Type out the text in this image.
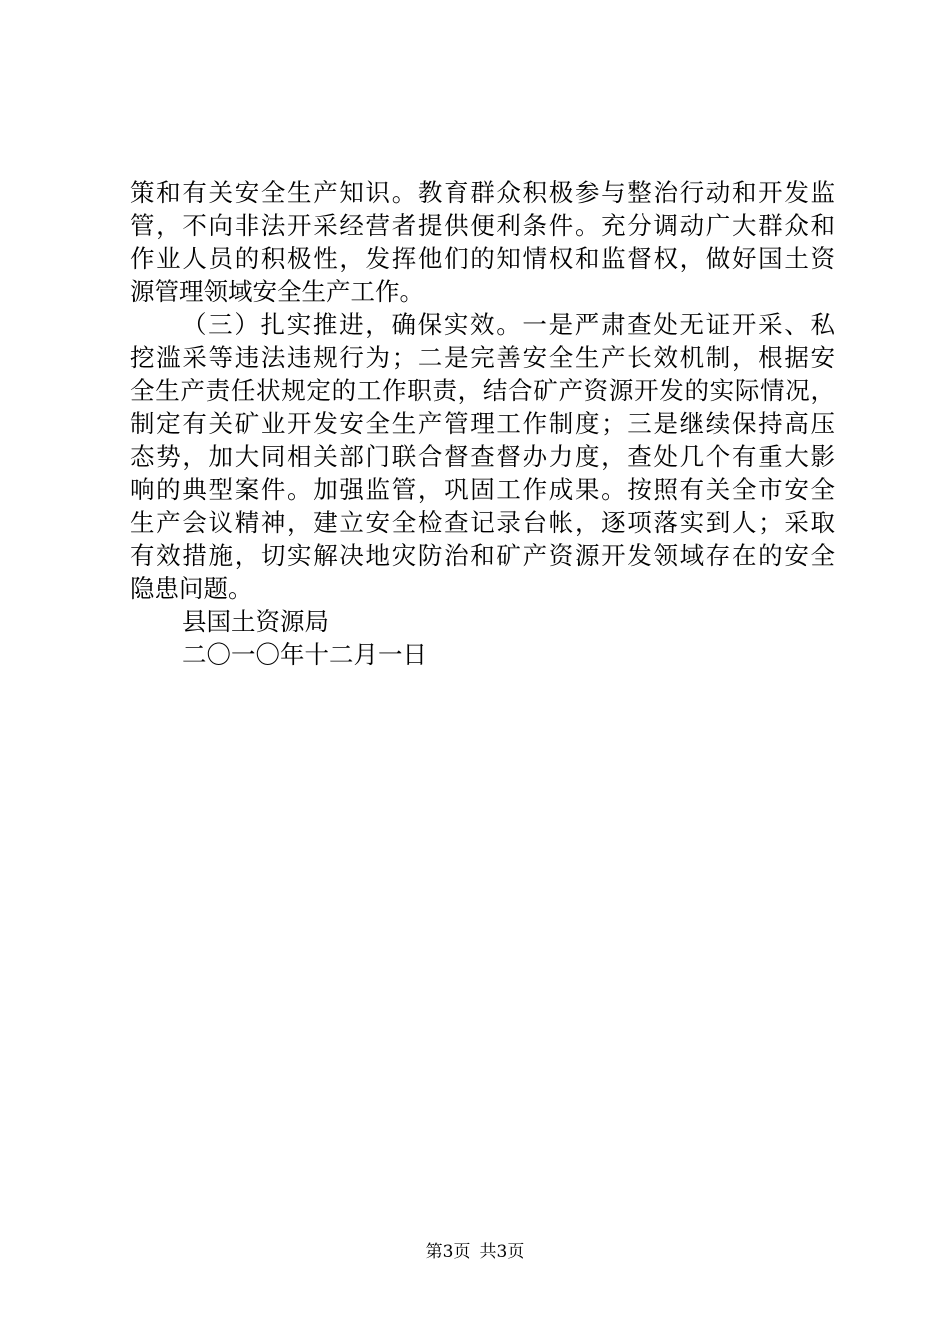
策和有关安全生产知识。教育群众积极参与整治行动和开发监
管，不向非法开采经营者提供便利条件。充分调动广大群众和
作业人员的积极性，发挥他们的知情权和监督权，做好国土资
源管理领域安全生产工作。
（三）扎实推进，确保实效。一是严肃查处无证开采、私
挖滥采等违法违规行为；二是完善安全生产长效机制，根据安
全生产责任状规定的工作职责，结合矿产资源开发的实际情况，
制定有关矿业开发安全生产管理工作制度；三是继续保持高压
态势，加大同相关部门联合督查督办力度，查处几个有重大影
响的典型案件。加强监管，巩固工作成果。按照有关全市安全
生产会议精神，建立安全检查记录台帐，逐项落实到人；采取
有效措施，切实解决地灾防治和矿产资源开发领域存在的安全
隐患问题。
县国土资源局
二〇一〇年十二月一日
第3页 共3页
